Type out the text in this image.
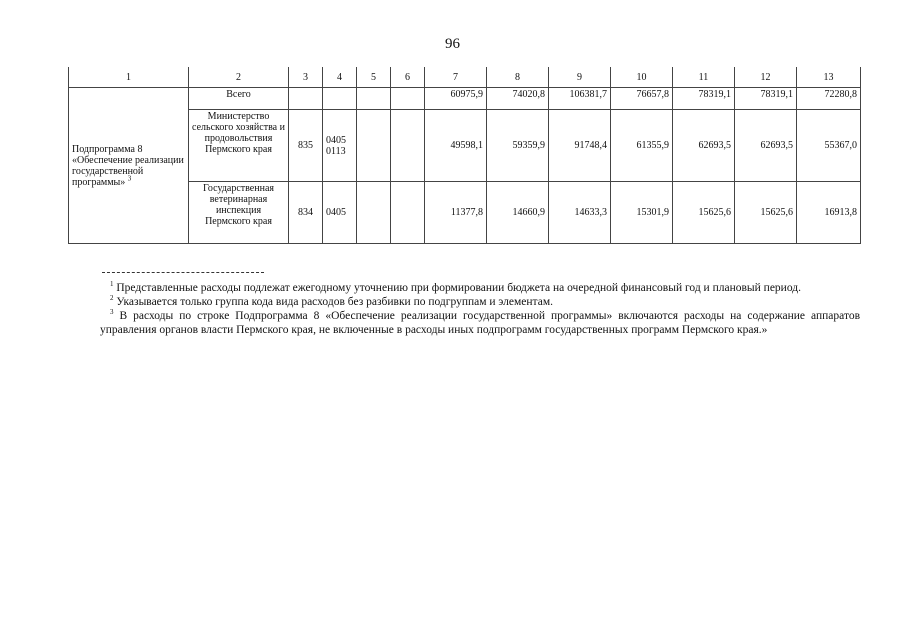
96
1	2	3	4	5	6	7	8	9	10	11	12	13
Подпрограмма 8 «Обеспечение реализации государственной программы» $^3$	Всего					60975,9	74020,8	106381,7	76657,8	78319,1	78319,1	72280,8
	Министерство сельского хозяйства и продовольствия Пермского края	835	0405 0113			49598,1	59359,9	91748,4	61355,9	62693,5	62693,5	55367,0
	Государственная ветеринарная инспекция Пермского края	834	0405			11377,8	14660,9	14633,3	15301,9	15625,6	15625,6	16913,8

$^1$ Представленные расходы подлежат ежегодному уточнению при формировании бюджета на очередной финансовый год и плановый период.

$^2$ Указывается только группа кода вида расходов без разбивки по подгруппам и элементам.

$^3$ В расходы по строке Подпрограмма 8 «Обеспечение реализации государственной программы» включаются расходы на содержание аппаратов управления органов власти Пермского края, не включенные в расходы иных подпрограмм государственных программ Пермского края.»
